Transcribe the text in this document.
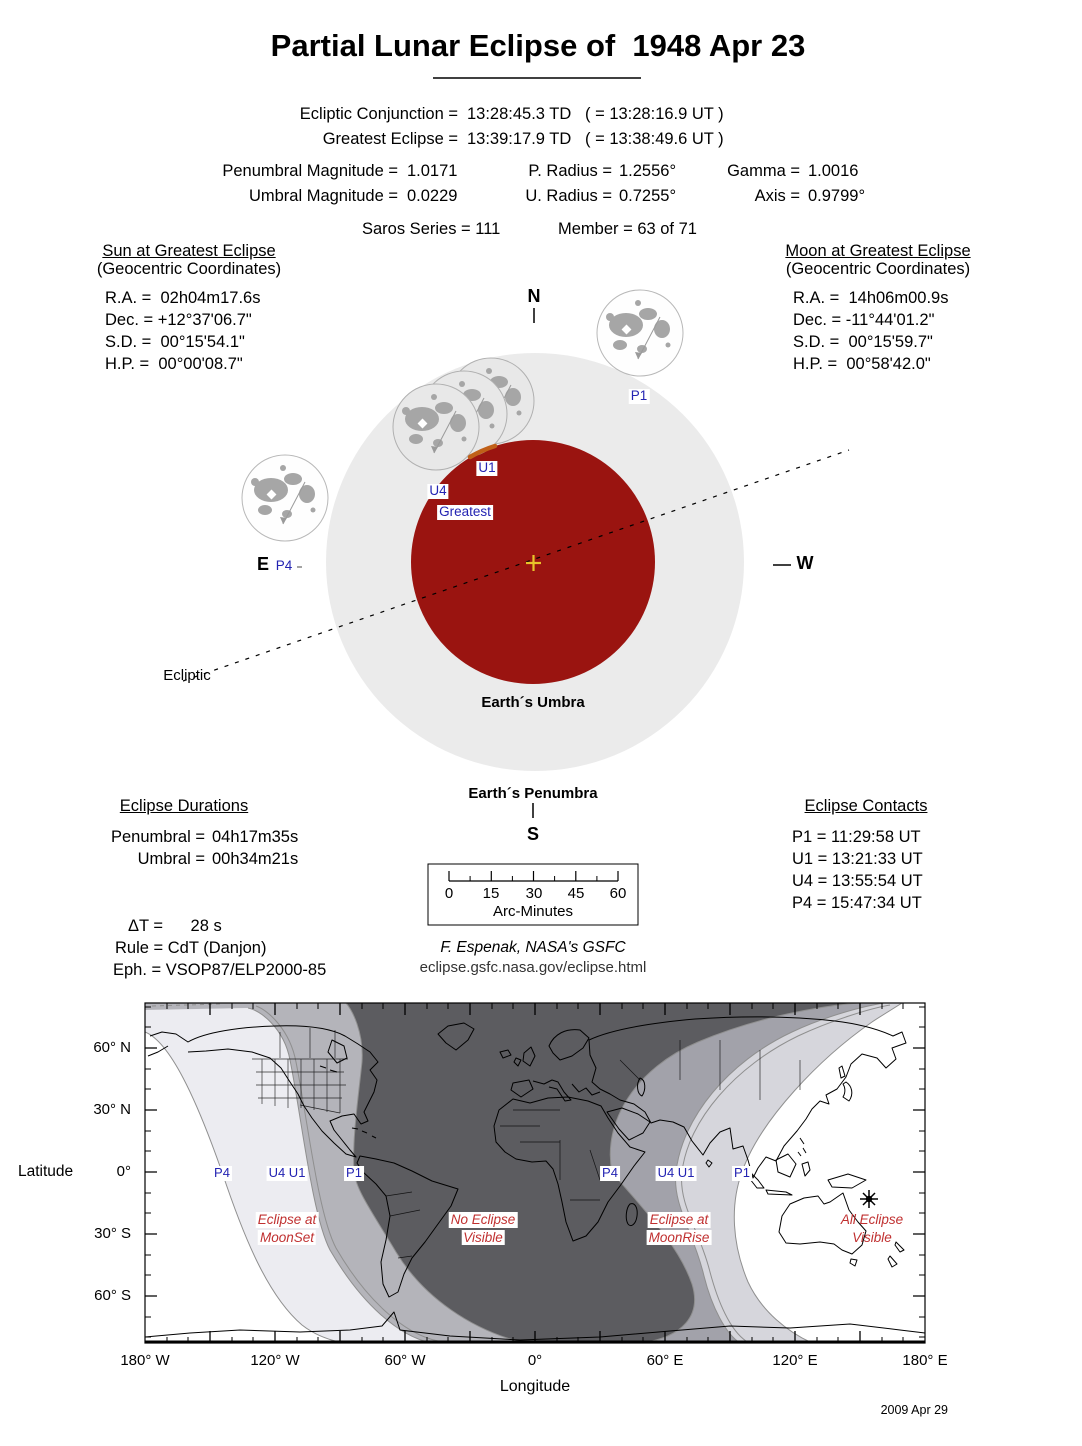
Partial Lunar Eclipse of  1948 Apr 23
Ecliptic Conjunction = 13:28:45.3 TD   ( = 13:28:16.9 UT )
Greatest Eclipse = 13:39:17.9 TD   ( = 13:38:49.6 UT )
Penumbral Magnitude = 1.0171
Umbral Magnitude = 0.0229
P. Radius = 1.2556°
U. Radius = 0.7255°
Gamma = 1.0016
Axis = 0.9799°
Saros Series = 111	Member = 63 of 71
Sun at Greatest Eclipse
(Geocentric Coordinates)
R.A. =  02h04m17.6s
Dec. = +12°37'06.7"
S.D. =  00°15'54.1"
H.P. =  00°00'08.7"
Moon at Greatest Eclipse
(Geocentric Coordinates)
R.A. =  14h06m00.9s
Dec. = -11°44'01.2"
S.D. =  00°15'59.7"
H.P. =  00°58'42.0"
N
S
E	W
P1
U1
U4
Greatest
P4
Earth´s Umbra
Earth´s Penumbra
Ecliptic
Eclipse Durations
Penumbral = 04h17m35s
Umbral = 00h34m21s
Eclipse Contacts
P1 = 11:29:58 UT
U1 = 13:21:33 UT
U4 = 13:55:54 UT
P4 = 15:47:34 UT
ΔT =      28 s
Rule = CdT (Danjon)
Eph. = VSOP87/ELP2000-85
0 15 30 45 60
Arc-Minutes
F. Espenak, NASA's GSFC
eclipse.gsfc.nasa.gov/eclipse.html
Latitude
60° N
30° N
0°
30° S
60° S
180° W	120° W	60° W	0°	60° E	120° E	180° E
Longitude
P4	U4 U1	P1	P4	U4 U1	P1
Eclipse at
MoonSet
No Eclipse
Visible
Eclipse at
MoonRise
All Eclipse
Visible
2009 Apr 29
